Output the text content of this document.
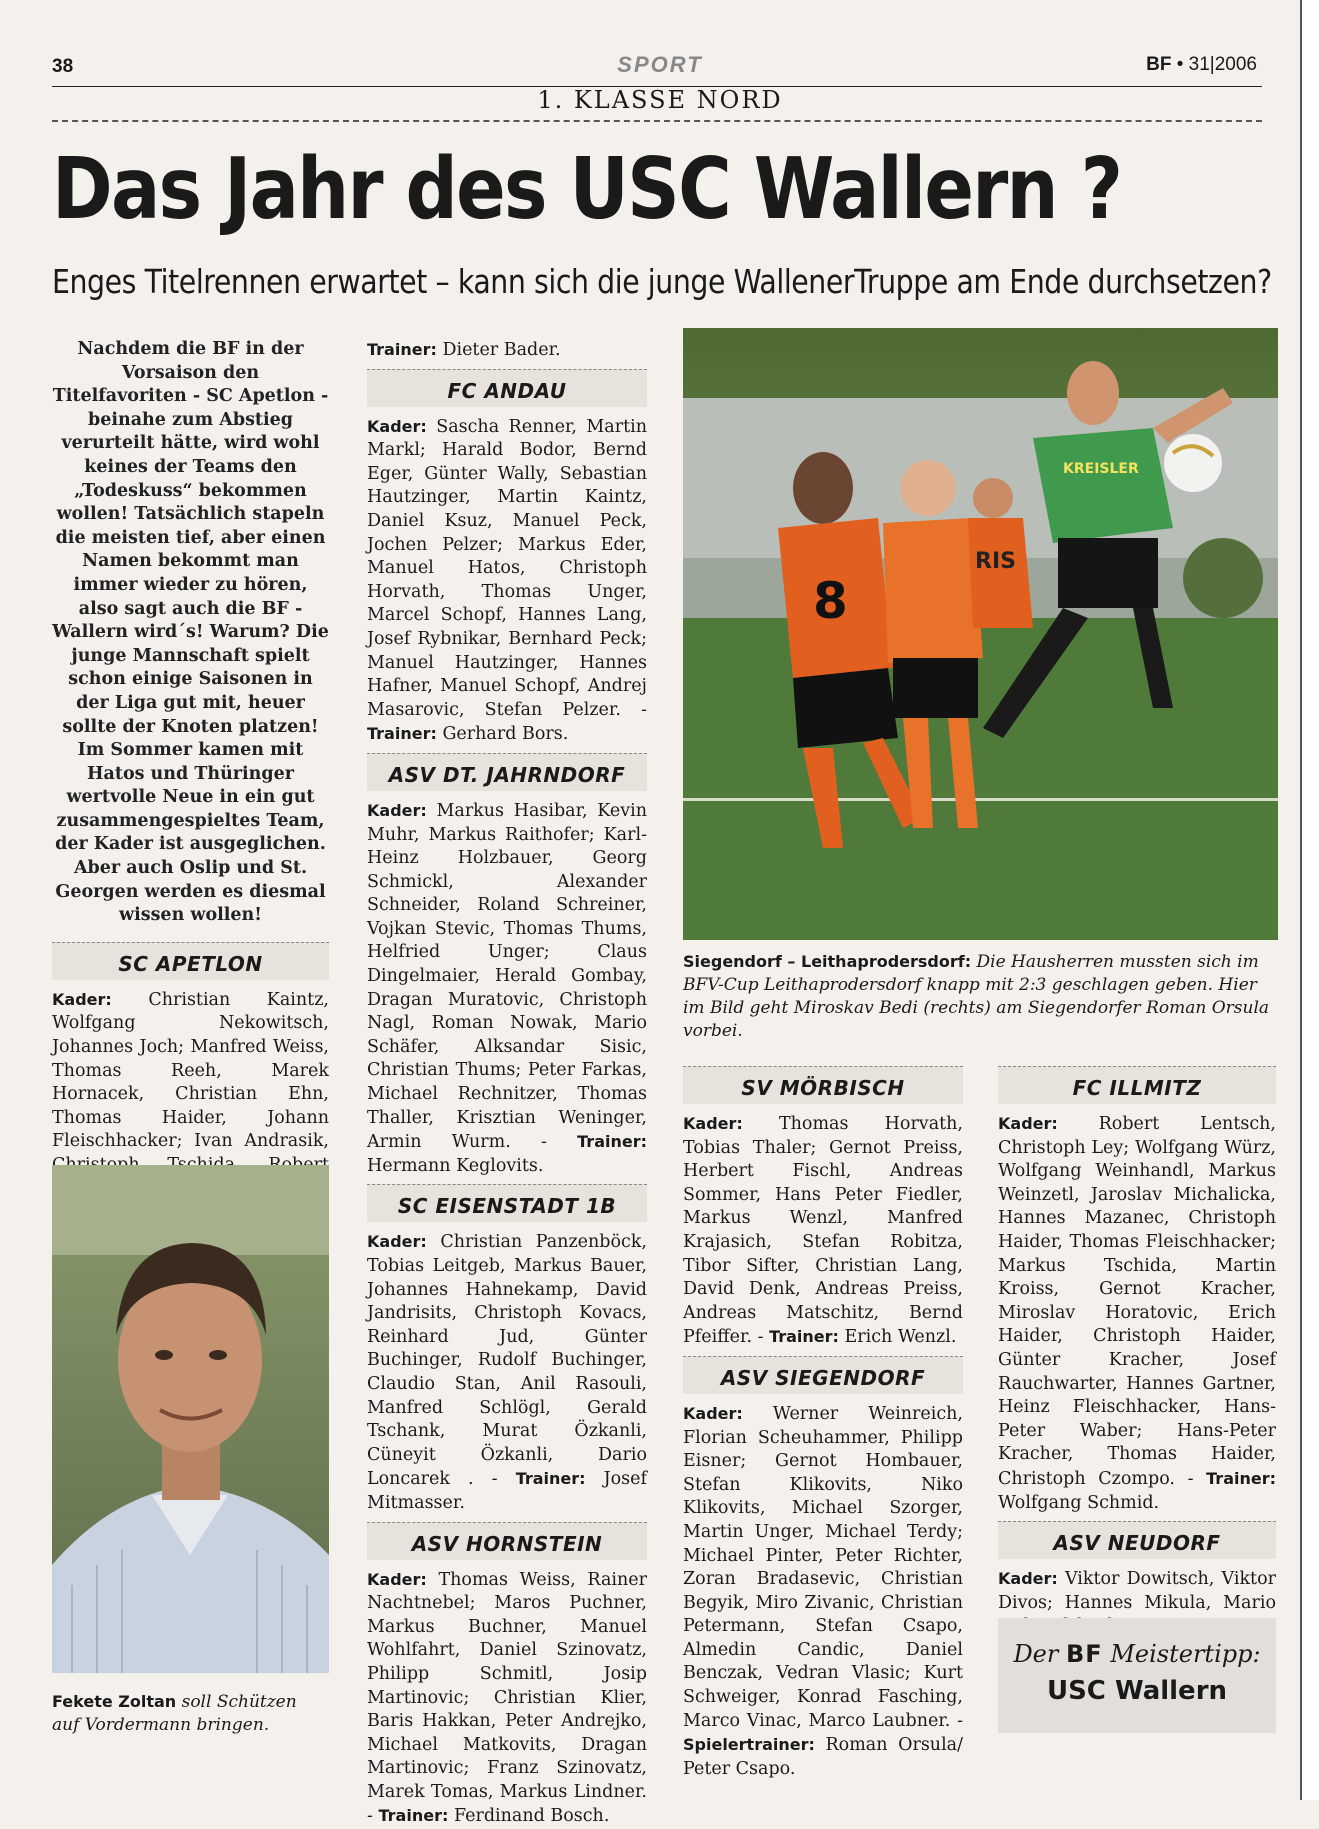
38	SPORT	BF • 31|2006
1. KLASSE NORD
Das Jahr des USC Wallern ?
Enges Titelrennen erwartet – kann sich die junge WallenerTruppe am Ende durchsetzen?
Nachdem die BF in der Vorsaison den Titelfavoriten - SC Apetlon - beinahe zum Abstieg verurteilt hätte, wird wohl keines der Teams den „Todeskuss“ bekommen wollen! Tatsächlich stapeln die meisten tief, aber einen Namen bekommt man immer wieder zu hören, also sagt auch die BF - Wallern wird´s! Warum? Die junge Mannschaft spielt schon einige Saisonen in der Liga gut mit, heuer sollte der Knoten platzen! Im Sommer kamen mit Hatos und Thüringer wertvolle Neue in ein gut zusammengespieltes Team, der Kader ist ausgeglichen. Aber auch Oslip und St. Georgen werden es diesmal wissen wollen!
SC APETLON
Kader: Christian Kaintz, Wolfgang Nekowitsch, Johannes Joch; Manfred Weiss, Thomas Reeh, Marek Hornacek, Christian Ehn, Thomas Haider, Johann Fleischhacker; Ivan Andrasik,
Fekete Zoltan soll Schützen auf Vordermann bringen.
Trainer: Dieter Bader.
FC ANDAU
Kader: Sascha Renner, Martin Markl; Harald Bodor, Bernd Eger, Günter Wally, Sebastian Hautzinger, Martin Kaintz, Daniel Ksuz, Manuel Peck, Jochen Pelzer; Markus Eder, Manuel Hatos, Christoph Horvath, Thomas Unger, Marcel Schopf, Hannes Lang, Josef Rybnikar, Bernhard Peck; Manuel Hautzinger, Hannes Hafner, Manuel Schopf, Andrej Masarovic, Stefan Pelzer. - Trainer: Gerhard Bors.
ASV DT. JAHRNDORF
Kader: Markus Hasibar, Kevin Muhr, Markus Raithofer; Karl-Heinz Holzbauer, Georg Schmickl, Alexander Schneider, Roland Schreiner, Vojkan Stevic, Thomas Thums, Helfried Unger; Claus Dingelmaier, Herald Gombay, Dragan Muratovic, Christoph Nagl, Roman Nowak, Mario Schäfer, Alksandar Sisic, Christian Thums; Peter Farkas, Michael Rechnitzer, Thomas Thaller, Krisztian Weninger, Armin Wurm. - Trainer: Hermann Keglovits.
SC EISENSTADT 1B
Kader: Christian Panzenböck, Tobias Leitgeb, Markus Bauer, Johannes Hahnekamp, David Jandrisits, Christoph Kovacs, Reinhard Jud, Günter Buchinger, Rudolf Buchinger, Claudio Stan, Anil Rasouli, Manfred Schlögl, Gerald Tschank, Murat Özkanli, Cüneyit Özkanli, Dario Loncarek . - Trainer: Josef Mitmasser.
ASV HORNSTEIN
Kader: Thomas Weiss, Rainer Nachtnebel; Maros Puchner, Markus Buchner, Manuel Wohlfahrt, Daniel Szinovatz, Philipp Schmitl, Josip Martinovic; Christian Klier, Baris Hakkan, Peter Andrejko, Michael Matkovits, Dragan Martinovic; Franz Szinovatz, Marek Tomas, Markus Lindner. - Trainer: Ferdinand Bosch.
8
RIS
KREISLER
Siegendorf – Leithaprodersdorf: Die Hausherren mussten sich im BFV-Cup Leithaprodersdorf knapp mit 2:3 geschlagen geben. Hier im Bild geht Miroskav Bedi (rechts) am Siegendorfer Roman Orsula vorbei.
SV MÖRBISCH
Kader: Thomas Horvath, Tobias Thaler; Gernot Preiss, Herbert Fischl, Andreas Sommer, Hans Peter Fiedler, Markus Wenzl, Manfred Krajasich, Stefan Robitza, Tibor Sifter, Christian Lang, David Denk, Andreas Preiss, Andreas Matschitz, Bernd Pfeiffer. - Trainer: Erich Wenzl.
ASV SIEGENDORF
Kader: Werner Weinreich, Florian Scheuhammer, Philipp Eisner; Gernot Hombauer, Stefan Klikovits, Niko Klikovits, Michael Szorger, Martin Unger, Michael Terdy; Michael Pinter, Peter Richter, Zoran Bradasevic, Christian Begyik, Miro Zivanic, Christian Petermann, Stefan Csapo, Almedin Candic, Daniel Benczak, Vedran Vlasic; Kurt Schweiger, Konrad Fasching, Marco Vinac, Marco Laubner. - Spielertrainer: Roman Orsula/ Peter Csapo.
FC ILLMITZ
Kader: Robert Lentsch, Christoph Ley; Wolfgang Würz, Wolfgang Weinhandl, Markus Weinzetl, Jaroslav Michalicka, Hannes Mazanec, Christoph Haider, Thomas Fleischhacker; Markus Tschida, Martin Kroiss, Gernot Kracher, Miroslav Horatovic, Erich Haider, Christoph Haider, Günter Kracher, Josef Rauchwarter, Hannes Gartner, Heinz Fleischhacker, Hans-Peter Waber; Hans-Peter Kracher, Thomas Haider, Christoph Czompo. - Trainer: Wolfgang Schmid.
ASV NEUDORF
Kader: Viktor Dowitsch, Viktor Divos; Hannes Mikula, Mario
Der BF Meistertipp:
USC Wallern
